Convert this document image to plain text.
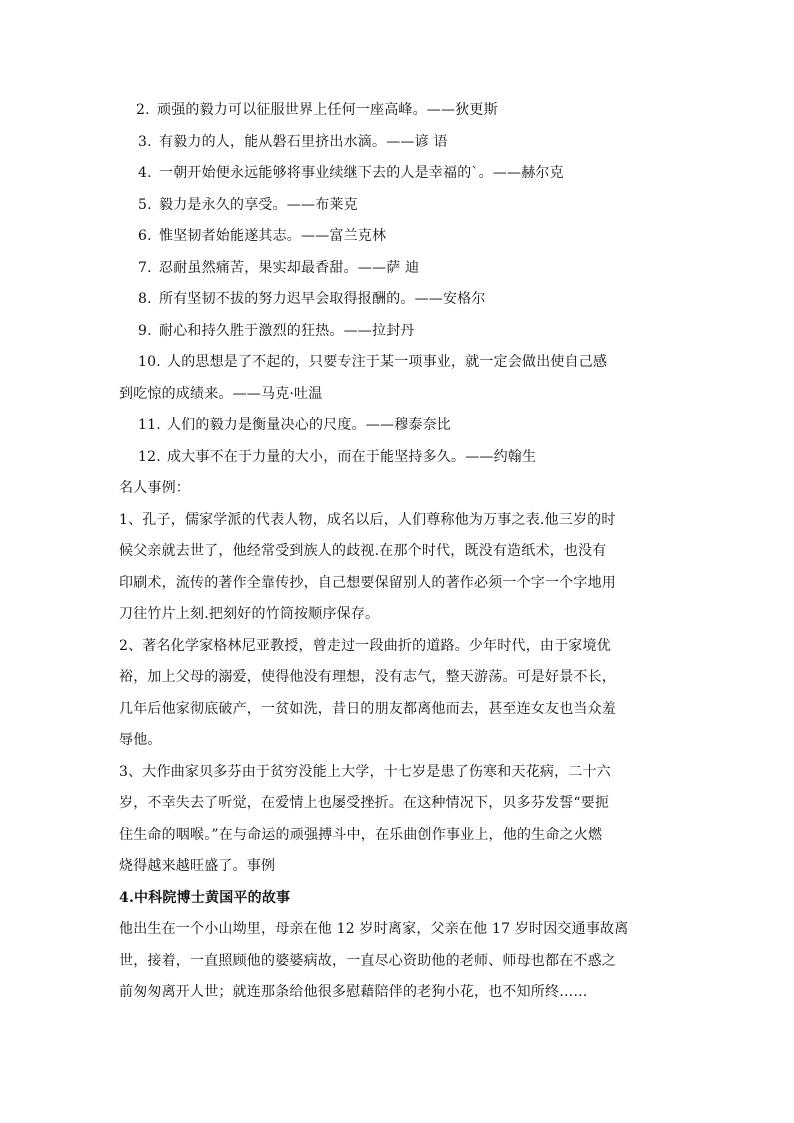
2. 顽强的毅力可以征服世界上任何一座高峰。——狄更斯
3. 有毅力的人，能从磐石里挤出水滴。——谚 语
4. 一朝开始便永远能够将事业续继下去的人是幸福的`。——赫尔克
5. 毅力是永久的享受。——布莱克
6. 惟坚韧者始能遂其志。——富兰克林
7. 忍耐虽然痛苦，果实却最香甜。——萨 迪
8. 所有坚韧不拔的努力迟早会取得报酬的。——安格尔
9. 耐心和持久胜于激烈的狂热。——拉封丹
10. 人的思想是了不起的，只要专注于某一项事业，就一定会做出使自己感
到吃惊的成绩来。——马克·吐温
11. 人们的毅力是衡量决心的尺度。——穆泰奈比
12. 成大事不在于力量的大小，而在于能坚持多久。——约翰生
名人事例：
1、孔子，儒家学派的代表人物，成名以后，人们尊称他为万事之表.他三岁的时
候父亲就去世了，他经常受到族人的歧视.在那个时代，既没有造纸术，也没有
印刷术，流传的著作全靠传抄，自己想要保留别人的著作必须一个字一个字地用
刀往竹片上刻.把刻好的竹筒按顺序保存。
2、著名化学家格林尼亚教授，曾走过一段曲折的道路。少年时代，由于家境优
裕，加上父母的溺爱，使得他没有理想，没有志气，整天游荡。可是好景不长，
几年后他家彻底破产，一贫如洗，昔日的朋友都离他而去，甚至连女友也当众羞
辱他。
3、大作曲家贝多芬由于贫穷没能上大学，十七岁是患了伤寒和天花病，二十六
岁，不幸失去了听觉，在爱情上也屡受挫折。在这种情况下，贝多芬发誓“要扼
住生命的咽喉。”在与命运的顽强搏斗中，在乐曲创作事业上，他的生命之火燃
烧得越来越旺盛了。事例
4.中科院博士黄国平的故事
他出生在一个小山坳里，母亲在他 12 岁时离家，父亲在他 17 岁时因交通事故离
世，接着，一直照顾他的婆婆病故，一直尽心资助他的老师、师母也都在不惑之
前匆匆离开人世；就连那条给他很多慰藉陪伴的老狗小花，也不知所终……
